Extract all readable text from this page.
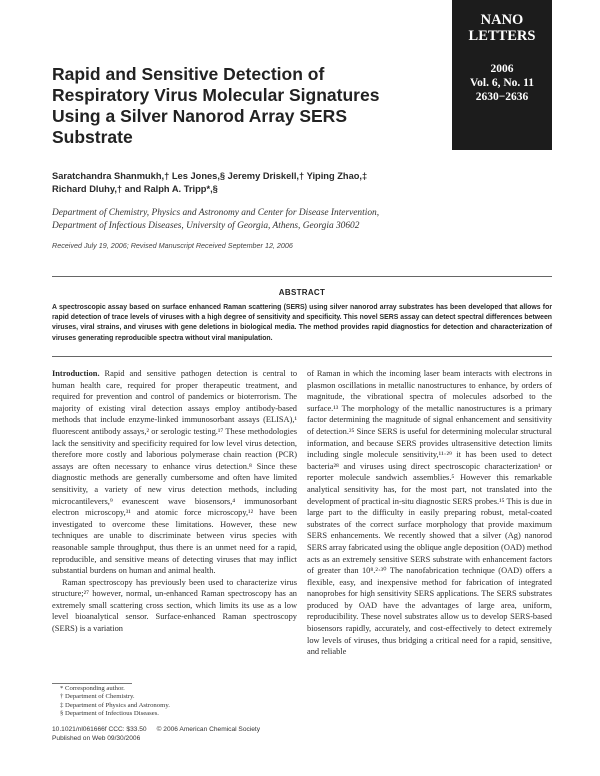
NANO
LETTERS
2006
Vol. 6, No. 11
2630−2636
Rapid and Sensitive Detection of Respiratory Virus Molecular Signatures Using a Silver Nanorod Array SERS Substrate
Saratchandra Shanmukh,† Les Jones,§ Jeremy Driskell,† Yiping Zhao,‡
Richard Dluhy,† and Ralph A. Tripp*,§
Department of Chemistry, Physics and Astronomy and Center for Disease Intervention,
Department of Infectious Diseases, University of Georgia, Athens, Georgia 30602
Received July 19, 2006; Revised Manuscript Received September 12, 2006
ABSTRACT

A spectroscopic assay based on surface enhanced Raman scattering (SERS) using silver nanorod array substrates has been developed that allows for rapid detection of trace levels of viruses with a high degree of sensitivity and specificity. This novel SERS assay can detect spectral differences between viruses, viral strains, and viruses with gene deletions in biological media. The method provides rapid diagnostics for detection and characterization of viruses generating reproducible spectra without viral manipulation.

Introduction. Rapid and sensitive pathogen detection is central to human health care, required for proper therapeutic treatment, and required for prevention and control of pandemics or bioterrorism. The majority of existing viral detection assays employ antibody-based methods that include enzyme-linked immunosorbant assays (ELISA),¹ fluorescent antibody assays,² or serologic testing.¹⁷ These methodologies lack the sensitivity and specificity required for low level virus detection, therefore more costly and laborious polymerase chain reaction (PCR) assays are often necessary to enhance virus detection.⁸ Since these diagnostic methods are generally cumbersome and often have limited sensitivity, a variety of new virus detection methods, including microcantilevers,⁹ evanescent wave biosensors,⁴ immunosorbant electron microscopy,³¹ and atomic force microscopy,¹² have been investigated to overcome these limitations. However, these new techniques are unable to discriminate between virus species with reasonable sample throughput, thus there is an unmet need for a rapid, reproducible, and sensitive means of detecting viruses that may inflict substantial burdens on human and animal health.

Raman spectroscopy has previously been used to characterize virus structure;²⁷ however, normal, un-enhanced Raman spectroscopy has an extremely small scattering cross section, which limits its use as a low level bioanalytical sensor. Surface-enhanced Raman spectroscopy (SERS) is a variation

of Raman in which the incoming laser beam interacts with electrons in plasmon oscillations in metallic nanostructures to enhance, by orders of magnitude, the vibrational spectra of molecules adsorbed to the surface.¹³ The morphology of the metallic nanostructures is a primary factor determining the magnitude of signal enhancement and sensitivity of detection.²⁵ Since SERS is useful for determining molecular structural information, and because SERS provides ultrasensitive detection limits including single molecule sensitivity,¹¹·²⁹ it has been used to detect bacteria²⁸ and viruses using direct spectroscopic characterization¹ or reporter molecule sandwich assemblies.⁵ However this remarkable analytical sensitivity has, for the most part, not translated into the development of practical in-situ diagnostic SERS probes.¹⁵ This is due in large part to the difficulty in easily preparing robust, metal-coated substrates of the correct surface morphology that provide maximum SERS enhancements. We recently showed that a silver (Ag) nanorod SERS array fabricated using the oblique angle deposition (OAD) method acts as an extremely sensitive SERS substrate with enhancement factors of greater than 10⁸.²·³⁰ The nanofabrication technique (OAD) offers a flexible, easy, and inexpensive method for fabrication of integrated nanoprobes for high sensitivity SERS applications. The SERS substrates produced by OAD have the advantages of large area, uniform, reproducibility. These novel substrates allow us to develop SERS-based biosensors rapidly, accurately, and cost-effectively to detect extremely low levels of viruses, thus bridging a critical need for a rapid, sensitive, and reliable

* Corresponding author.
† Department of Chemistry.
‡ Department of Physics and Astronomy.
§ Department of Infectious Diseases.
10.1021/nl061666f CCC: $33.50 © 2006 American Chemical Society
Published on Web 09/30/2006
